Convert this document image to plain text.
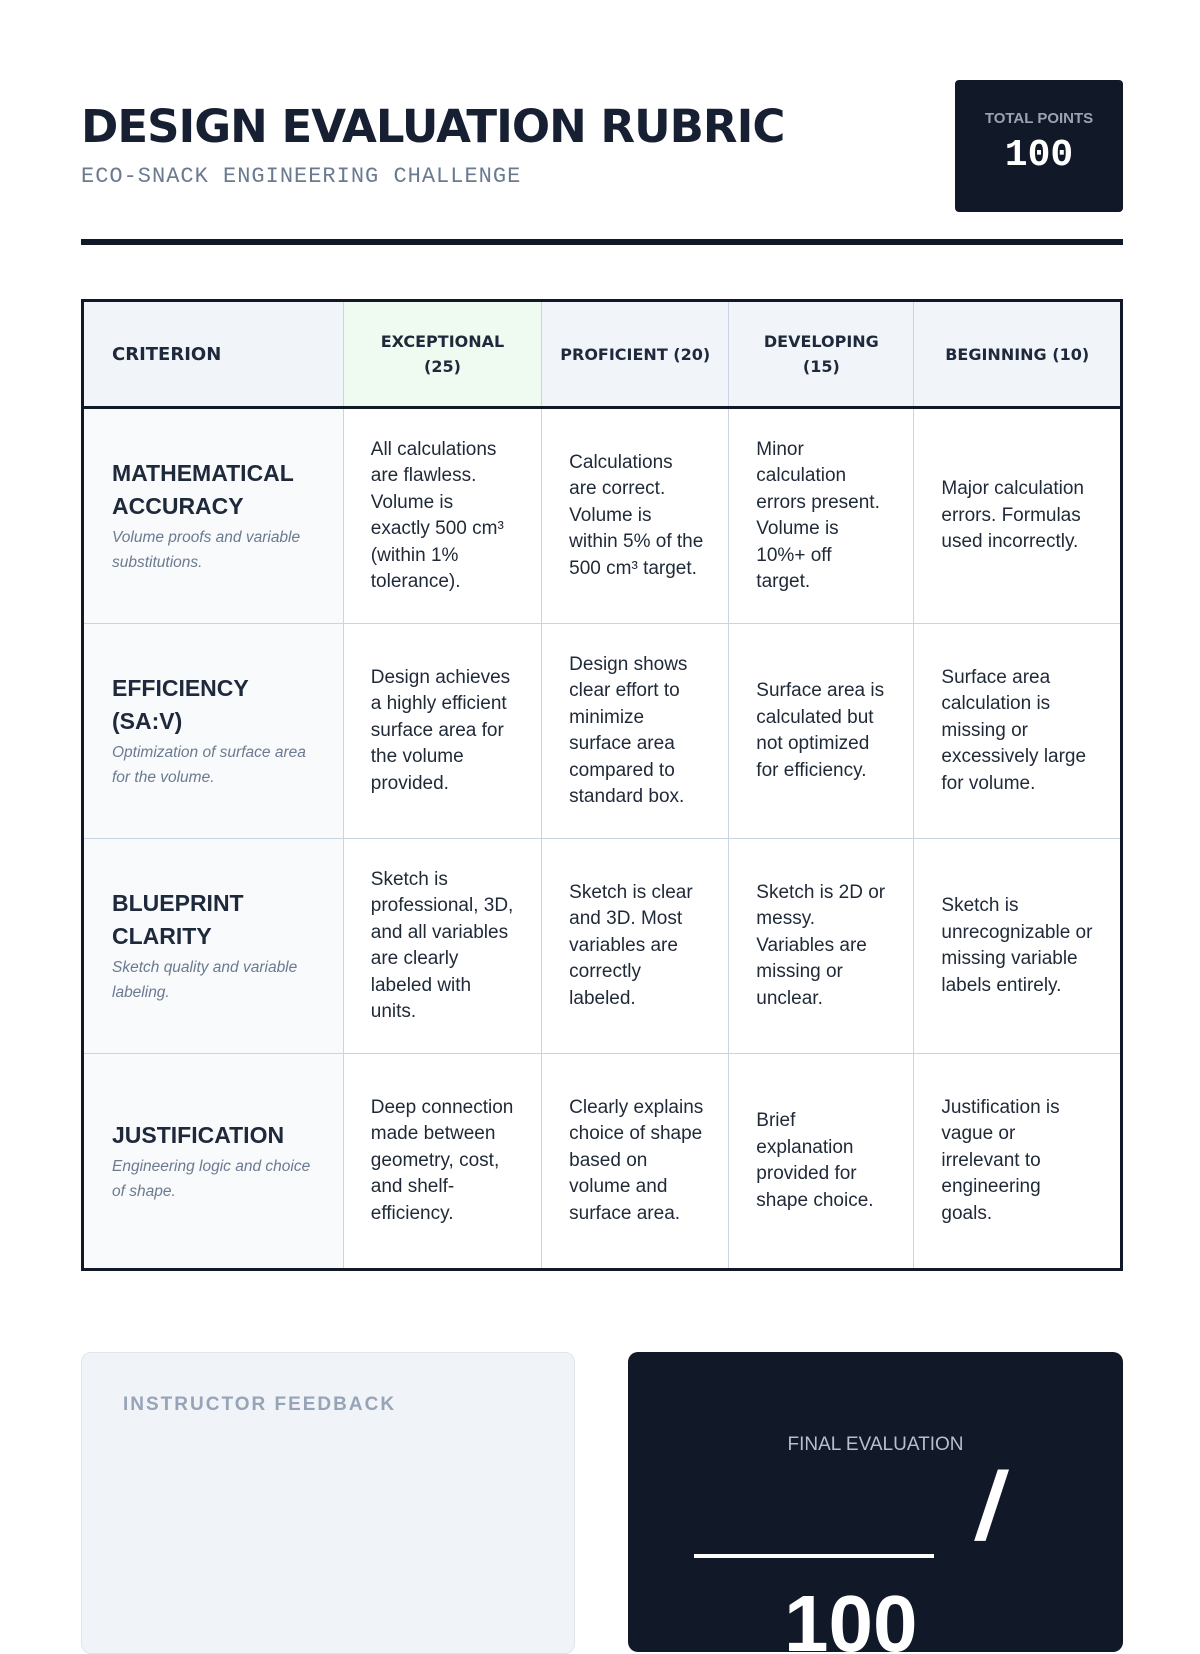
DESIGN EVALUATION RUBRIC
ECO-SNACK ENGINEERING CHALLENGE
TOTAL POINTS
100
CRITERION	EXCEPTIONAL (25)	PROFICIENT (20)	DEVELOPING (15)	BEGINNING (10)

MATHEMATICAL ACCURACY
Volume proofs and variable substitutions.	All calculations are flawless. Volume is exactly 500 cm³ (within 1% tolerance).	Calculations are correct. Volume is within 5% of the 500 cm³ target.	Minor calculation errors present. Volume is 10%+ off target.	Major calculation errors. Formulas used incorrectly.

EFFICIENCY (SA:V)
Optimization of surface area for the volume.	Design achieves a highly efficient surface area for the volume provided.	Design shows clear effort to minimize surface area compared to standard box.	Surface area is calculated but not optimized for efficiency.	Surface area calculation is missing or excessively large for volume.

BLUEPRINT CLARITY
Sketch quality and variable labeling.	Sketch is professional, 3D, and all variables are clearly labeled with units.	Sketch is clear and 3D. Most variables are correctly labeled.	Sketch is 2D or messy. Variables are missing or unclear.	Sketch is unrecognizable or missing variable labels entirely.

JUSTIFICATION
Engineering logic and choice of shape.	Deep connection made between geometry, cost, and shelf-efficiency.	Clearly explains choice of shape based on volume and surface area.	Brief explanation provided for shape choice.	Justification is vague or irrelevant to engineering goals.
INSTRUCTOR FEEDBACK
FINAL EVALUATION
/
100
